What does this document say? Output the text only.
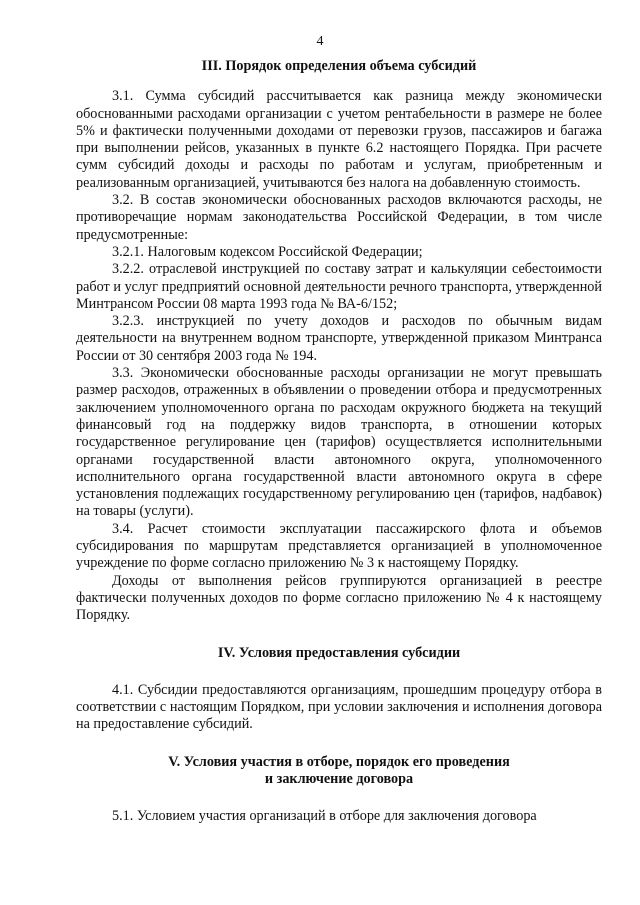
4
III. Порядок определения объема субсидий

3.1. Сумма субсидий рассчитывается как разница между экономически обоснованными расходами организации с учетом рентабельности в размере не более 5% и фактически полученными доходами от перевозки грузов, пассажиров и багажа при выполнении рейсов, указанных в пункте 6.2 настоящего Порядка. При расчете сумм субсидий доходы и расходы по работам и услугам, приобретенным и реализованным организацией, учитываются без налога на добавленную стоимость.

3.2. В состав экономически обоснованных расходов включаются расходы, не противоречащие нормам законодательства Российской Федерации, в том числе предусмотренные:

3.2.1. Налоговым кодексом Российской Федерации;

3.2.2. отраслевой инструкцией по составу затрат и калькуляции себестоимости работ и услуг предприятий основной деятельности речного транспорта, утвержденной Минтрансом России 08 марта 1993 года № ВА-6/152;

3.2.3. инструкцией по учету доходов и расходов по обычным видам деятельности на внутреннем водном транспорте, утвержденной приказом Минтранса России от 30 сентября 2003 года № 194.

3.3. Экономически обоснованные расходы организации не могут превышать размер расходов, отраженных в объявлении о проведении отбора и предусмотренных заключением уполномоченного органа по расходам окружного бюджета на текущий финансовый год на поддержку видов транспорта, в отношении которых государственное регулирование цен (тарифов) осуществляется исполнительными органами государственной власти автономного округа, уполномоченного исполнительного органа государственной власти автономного округа в сфере установления подлежащих государственному регулированию цен (тарифов, надбавок) на товары (услуги).

3.4. Расчет стоимости эксплуатации пассажирского флота и объемов субсидирования по маршрутам представляется организацией в уполномоченное учреждение по форме согласно приложению № 3 к настоящему Порядку.

Доходы от выполнения рейсов группируются организацией в реестре фактически полученных доходов по форме согласно приложению № 4 к настоящему Порядку.

IV. Условия предоставления субсидии

4.1. Субсидии предоставляются организациям, прошедшим процедуру отбора в соответствии с настоящим Порядком, при условии заключения и исполнения договора на предоставление субсидий.

V. Условия участия в отборе, порядок его проведения
и заключение договора

5.1. Условием участия организаций в отборе для заключения договора
